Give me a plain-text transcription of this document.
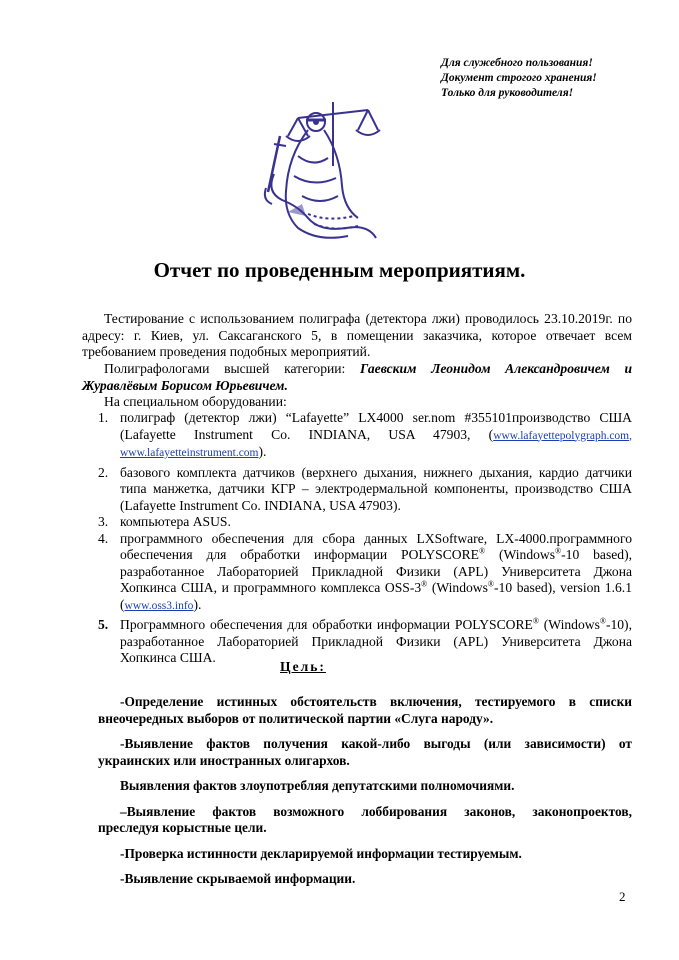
Для служебного пользования!
Документ строгого хранения!
Только для руководителя!
Отчет по проведенным мероприятиям.
Тестирование с использованием полиграфа (детектора лжи) проводилось 23.10.2019г. по
адресу: г. Киев, ул. Саксаганского 5, в помещении заказчика, которое отвечает всем
требованием проведения подобных мероприятий.
Полиграфологами высшей категории: Гаевским Леонидом Александровичем и
Журавлёвым Борисом Юрьевичем.
На специальном оборудовании:
1. полиграф (детектор лжи) “Lafayette” LX4000 ser.nom #355101производство США (Lafayette Instrument Co. INDIANA, USA 47903, (www.lafayettepolygraph.com, www.lafayetteinstrument.com).
2. базового комплекта датчиков (верхнего дыхания, нижнего дыхания, кардио датчики типа манжетка, датчики КГР – электродермальной компоненты, производство США (Lafayette Instrument Co. INDIANA, USA 47903).
3. компьютера ASUS.
4. программного обеспечения для сбора данных LXSoftware, LX-4000.программного обеспечения для обработки информации POLYSCORE® (Windows®-10 based), разработанное Лабораторией Прикладной Физики (APL) Университета Джона Хопкинса США, и программного комплекса OSS-3® (Windows®-10 based), version 1.6.1 (www.oss3.info).
5. Программного обеспечения для обработки информации POLYSCORE® (Windows®-10), разработанное Лабораторией Прикладной Физики (APL) Университета Джона Хопкинса США.
Цель:

-Определение истинных обстоятельств включения, тестируемого в списки
внеочередных выборов от политической партии «Слуга народу».

-Выявление фактов получения какой-либо выгоды (или зависимости) от
украинских или иностранных олигархов.

Выявления фактов злоупотребляя депутатскими полномочиями.

–Выявление фактов возможного лоббирования законов, законопроектов,
преследуя корыстные цели.

-Проверка истинности декларируемой информации тестируемым.

-Выявление скрываемой информации.

2
